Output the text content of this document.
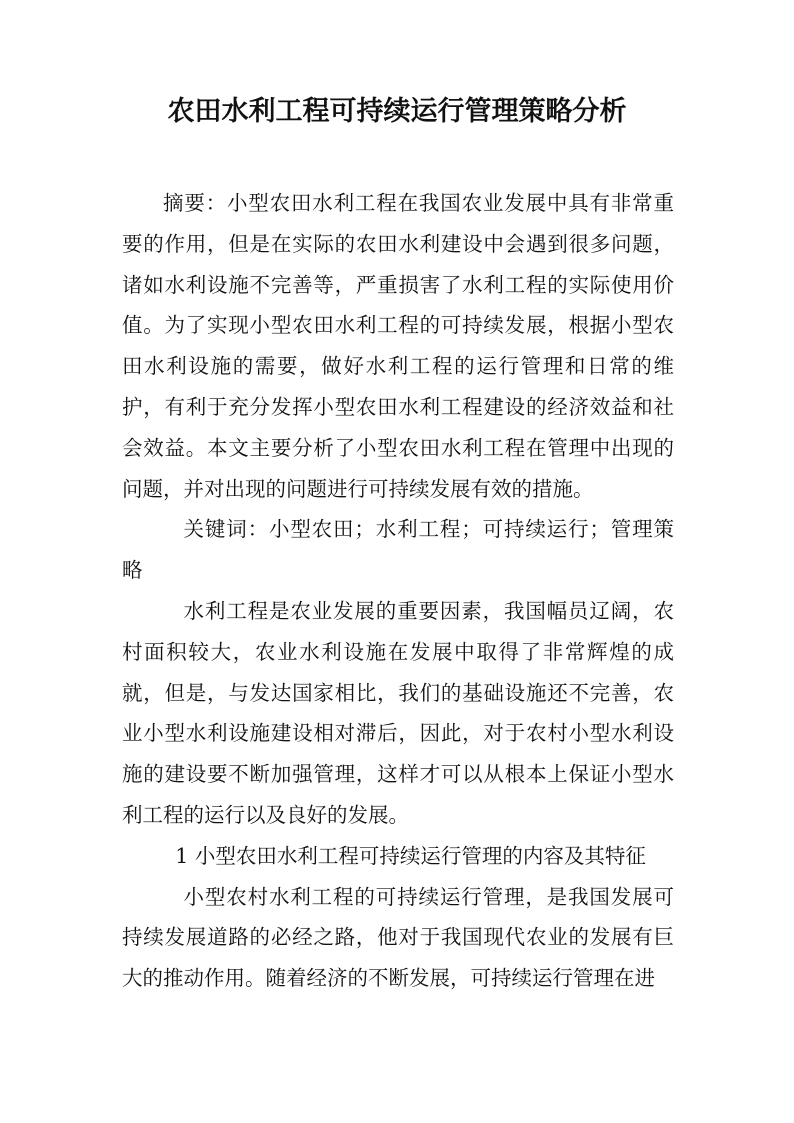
农田水利工程可持续运行管理策略分析

摘要：小型农田水利工程在我国农业发展中具有非常重要的作用，但是在实际的农田水利建设中会遇到很多问题，诸如水利设施不完善等，严重损害了水利工程的实际使用价值。为了实现小型农田水利工程的可持续发展，根据小型农田水利设施的需要，做好水利工程的运行管理和日常的维护，有利于充分发挥小型农田水利工程建设的经济效益和社会效益。本文主要分析了小型农田水利工程在管理中出现的问题，并对出现的问题进行可持续发展有效的措施。

关键词：小型农田；水利工程；可持续运行；管理策略

水利工程是农业发展的重要因素，我国幅员辽阔，农村面积较大，农业水利设施在发展中取得了非常辉煌的成就，但是，与发达国家相比，我们的基础设施还不完善，农业小型水利设施建设相对滞后，因此，对于农村小型水利设施的建设要不断加强管理，这样才可以从根本上保证小型水利工程的运行以及良好的发展。

1 小型农田水利工程可持续运行管理的内容及其特征

小型农村水利工程的可持续运行管理，是我国发展可持续发展道路的必经之路，他对于我国现代农业的发展有巨大的推动作用。随着经济的不断发展，可持续运行管理在进
